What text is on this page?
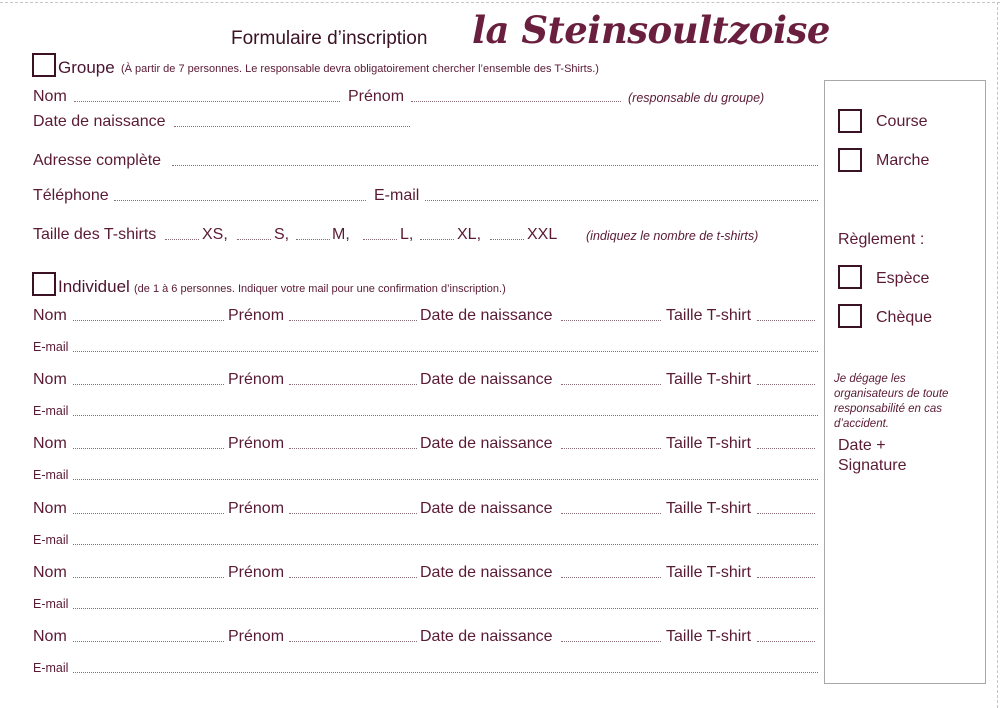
Formulaire d’inscription la Steinsoultzoise
Groupe (À partir de 7 personnes. Le responsable devra obligatoirement chercher l’ensemble des T-Shirts.)
Nom	Prénom	(responsable du groupe)
Date de naissance
Adresse complète
Téléphone	E-mail
Taille des T-shirts	XS,	S,	M,	L,	XL,	XXL (indiquez le nombre de t-shirts)
Individuel (de 1 à 6 personnes. Indiquer votre mail pour une confirmation d’inscription.)
Nom	Prénom	Date de naissance	Taille T-shirt
E-mail
Nom	Prénom	Date de naissance	Taille T-shirt
E-mail
Nom	Prénom	Date de naissance	Taille T-shirt
E-mail
Nom	Prénom	Date de naissance	Taille T-shirt
E-mail
Nom	Prénom	Date de naissance	Taille T-shirt
E-mail
Nom	Prénom	Date de naissance	Taille T-shirt
E-mail
Course
Marche
Règlement :
Espèce
Chèque
Je dégage les organisateurs de toute responsabilité en cas d’accident.
Date + Signature
